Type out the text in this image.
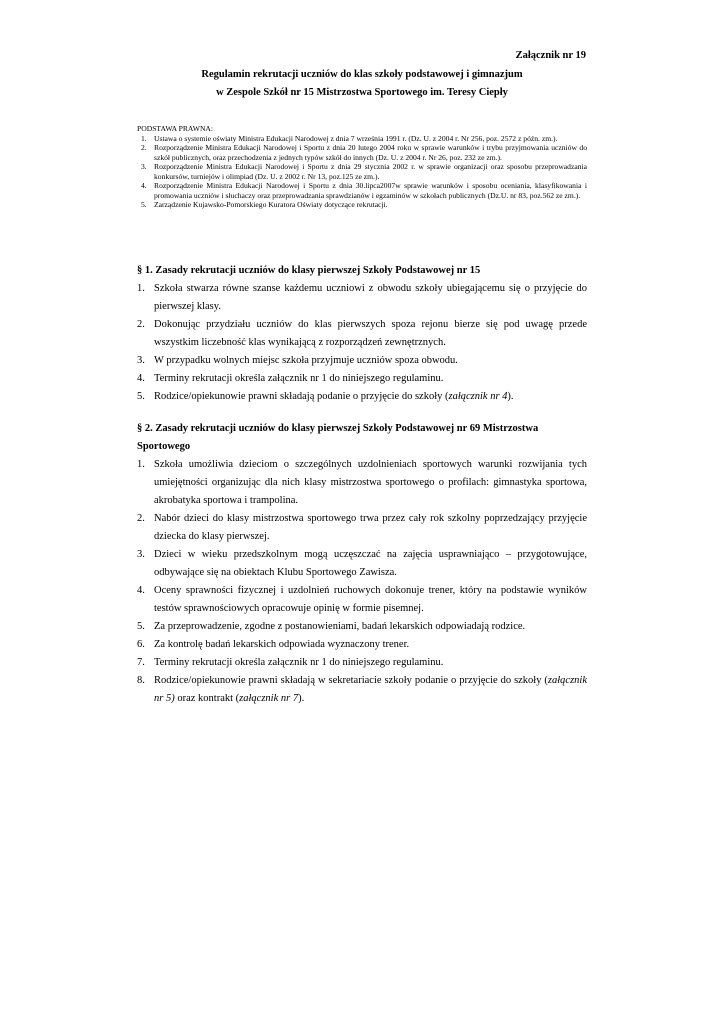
Załącznik nr 19
Regulamin rekrutacji uczniów do klas szkoły podstawowej i gimnazjum
w Zespole Szkół nr 15 Mistrzostwa Sportowego im. Teresy Ciepły
PODSTAWA PRAWNA:
1. Ustawa o systemie oświaty Ministra Edukacji Narodowej z dnia 7 września 1991 r. (Dz. U. z 2004 r. Nr 256, poz. 2572 z późn. zm.).
2. Rozporządzenie Ministra Edukacji Narodowej i Sportu z dnia 20 lutego 2004 roku w sprawie warunków i trybu przyjmowania uczniów do szkół publicznych, oraz przechodzenia z jednych typów szkół do innych (Dz. U. z 2004 r. Nr 26, poz. 232 ze zm.).
3. Rozporządzenie Ministra Edukacji Narodowej i Sportu z dnia 29 stycznia 2002 r. w sprawie organizacji oraz sposobu przeprowadzania konkursów, turniejów i olimpiad (Dz. U. z 2002 r. Nr 13, poz.125 ze zm.).
4. Rozporządzenie Ministra Edukacji Narodowej i Sportu z dnia 30.lipca2007w sprawie warunków i sposobu oceniania, klasyfikowania i promowania uczniów i słuchaczy oraz przeprowadzania sprawdzianów i egzaminów w szkołach publicznych (Dz.U. nr 83, poz.562 ze zm.).
5. Zarządzenie Kujawsko-Pomorskiego Kuratora Oświaty dotyczące rekrutacji.
§ 1. Zasady rekrutacji uczniów do klasy pierwszej Szkoły Podstawowej nr 15
1. Szkoła stwarza równe szanse każdemu uczniowi z obwodu szkoły ubiegającemu się o przyjęcie do pierwszej klasy.
2. Dokonując przydziału uczniów do klas pierwszych spoza rejonu bierze się pod uwagę przede wszystkim liczebność klas wynikającą z rozporządzeń zewnętrznych.
3. W przypadku wolnych miejsc szkoła przyjmuje uczniów spoza obwodu.
4. Terminy rekrutacji określa załącznik nr 1 do niniejszego regulaminu.
5. Rodzice/opiekunowie prawni składają podanie o przyjęcie do szkoły (załącznik nr 4).
§ 2. Zasady rekrutacji uczniów do klasy pierwszej Szkoły Podstawowej nr 69 Mistrzostwa Sportowego
1. Szkoła umożliwia dzieciom o szczególnych uzdolnieniach sportowych warunki rozwijania tych umiejętności organizując dla nich klasy mistrzostwa sportowego o profilach: gimnastyka sportowa, akrobatyka sportowa i trampolina.
2. Nabór dzieci do klasy mistrzostwa sportowego trwa przez cały rok szkolny poprzedzający przyjęcie dziecka do klasy pierwszej.
3. Dzieci w wieku przedszkolnym mogą uczęszczać na zajęcia usprawniająco – przygotowujące, odbywające się na obiektach Klubu Sportowego Zawisza.
4. Oceny sprawności fizycznej i uzdolnień ruchowych dokonuje trener, który na podstawie wyników testów sprawnościowych opracowuje opinię w formie pisemnej.
5. Za przeprowadzenie, zgodne z postanowieniami, badań lekarskich odpowiadają rodzice.
6. Za kontrolę badań lekarskich odpowiada wyznaczony trener.
7. Terminy rekrutacji określa załącznik nr 1 do niniejszego regulaminu.
8. Rodzice/opiekunowie prawni składają w sekretariacie szkoły podanie o przyjęcie do szkoły (załącznik nr 5) oraz kontrakt (załącznik nr 7).
